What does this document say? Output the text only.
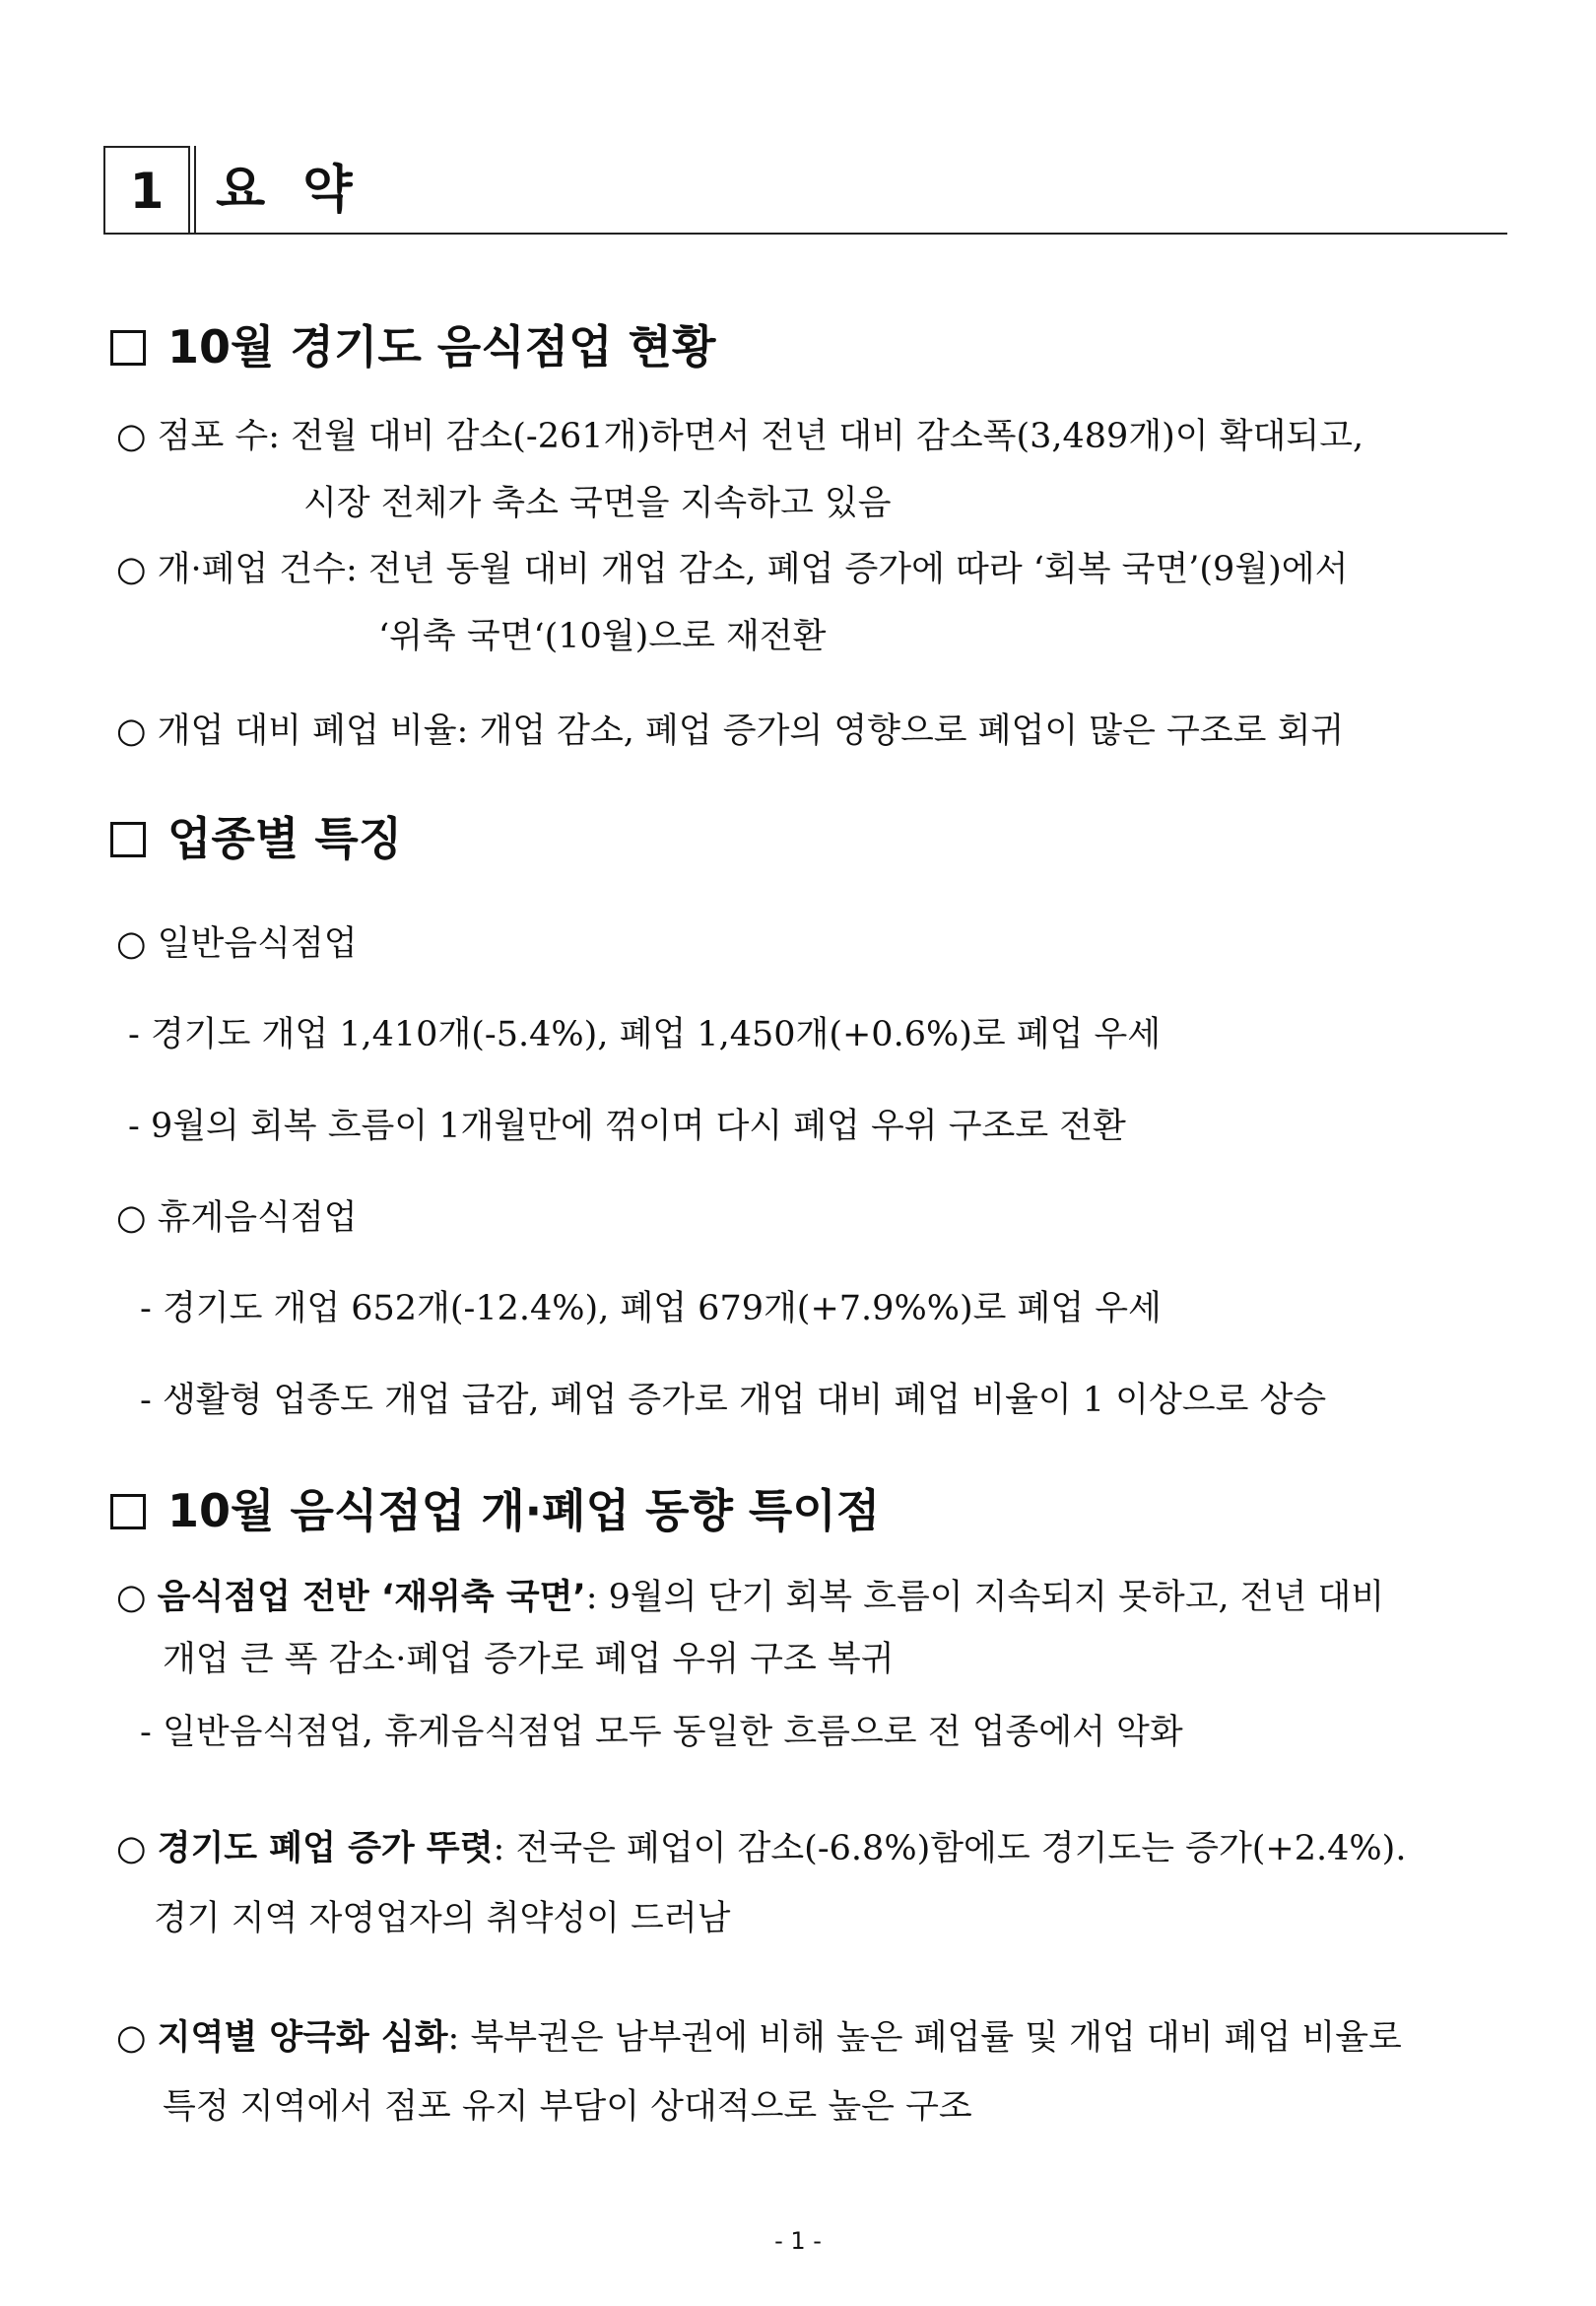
1	요 약
10월 경기도 음식점업 현황
○ 점포 수: 전월 대비 감소(-261개)하면서 전년 대비 감소폭(3,489개)이 확대되고,
시장 전체가 축소 국면을 지속하고 있음
○ 개·폐업 건수: 전년 동월 대비 개업 감소, 폐업 증가에 따라 ‘회복 국면’(9월)에서
‘위축 국면‘(10월)으로 재전환
○ 개업 대비 폐업 비율: 개업 감소, 폐업 증가의 영향으로 폐업이 많은 구조로 회귀
업종별 특징
○ 일반음식점업
- 경기도 개업 1,410개(-5.4%), 폐업 1,450개(+0.6%)로 폐업 우세
- 9월의 회복 흐름이 1개월만에 꺾이며 다시 폐업 우위 구조로 전환
○ 휴게음식점업
- 경기도 개업 652개(-12.4%), 폐업 679개(+7.9%%)로 폐업 우세
- 생활형 업종도 개업 급감, 폐업 증가로 개업 대비 폐업 비율이 1 이상으로 상승
10월 음식점업 개·폐업 동향 특이점
○ 음식점업 전반 ‘재위축 국면’: 9월의 단기 회복 흐름이 지속되지 못하고, 전년 대비
개업 큰 폭 감소·폐업 증가로 폐업 우위 구조 복귀
- 일반음식점업, 휴게음식점업 모두 동일한 흐름으로 전 업종에서 악화
○ 경기도 폐업 증가 뚜렷: 전국은 폐업이 감소(-6.8%)함에도 경기도는 증가(+2.4%).
경기 지역 자영업자의 취약성이 드러남
○ 지역별 양극화 심화: 북부권은 남부권에 비해 높은 폐업률 및 개업 대비 폐업 비율로
특정 지역에서 점포 유지 부담이 상대적으로 높은 구조
- 1 -
